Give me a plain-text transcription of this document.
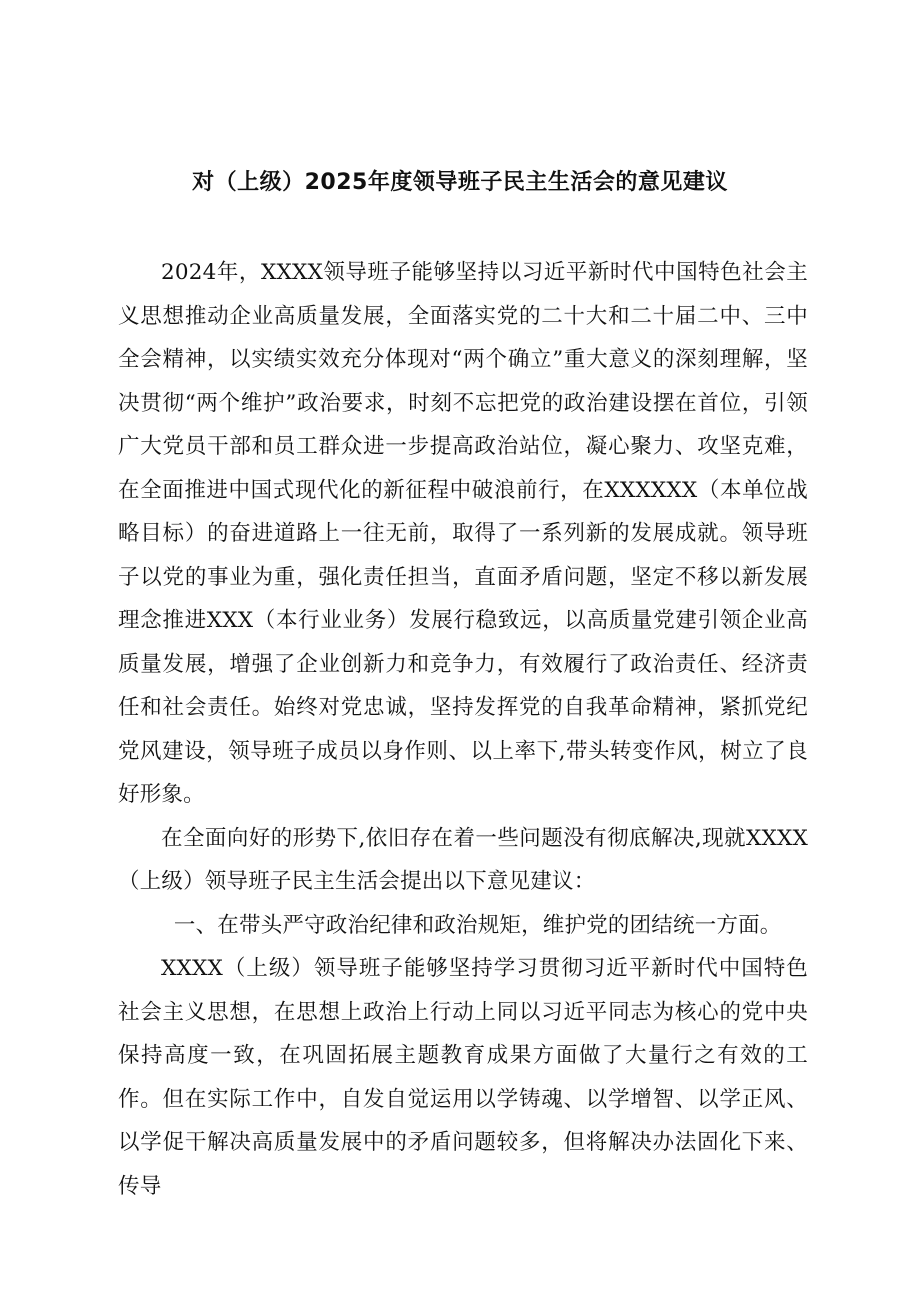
对（上级）2025年度领导班子民主生活会的意见建议

2024年，XXXX领导班子能够坚持以习近平新时代中国特色社会主义思想推动企业高质量发展，全面落实党的二十大和二十届二中、三中全会精神，以实绩实效充分体现对“两个确立”重大意义的深刻理解，坚决贯彻“两个维护”政治要求，时刻不忘把党的政治建设摆在首位，引领广大党员干部和员工群众进一步提高政治站位，凝心聚力、攻坚克难，在全面推进中国式现代化的新征程中破浪前行，在XXXXXX（本单位战略目标）的奋进道路上一往无前，取得了一系列新的发展成就。领导班子以党的事业为重，强化责任担当，直面矛盾问题，坚定不移以新发展理念推进XXX（本行业业务）发展行稳致远，以高质量党建引领企业高质量发展，增强了企业创新力和竞争力，有效履行了政治责任、经济责任和社会责任。始终对党忠诚，坚持发挥党的自我革命精神，紧抓党纪党风建设，领导班子成员以身作则、以上率下,带头转变作风，树立了良好形象。

在全面向好的形势下,依旧存在着一些问题没有彻底解决,现就XXXX（上级）领导班子民主生活会提出以下意见建议：

一、在带头严守政治纪律和政治规矩，维护党的团结统一方面。

XXXX（上级）领导班子能够坚持学习贯彻习近平新时代中国特色社会主义思想，在思想上政治上行动上同以习近平同志为核心的党中央保持高度一致，在巩固拓展主题教育成果方面做了大量行之有效的工作。但在实际工作中，自发自觉运用以学铸魂、以学增智、以学正风、以学促干解决高质量发展中的矛盾问题较多，但将解决办法固化下来、传导
